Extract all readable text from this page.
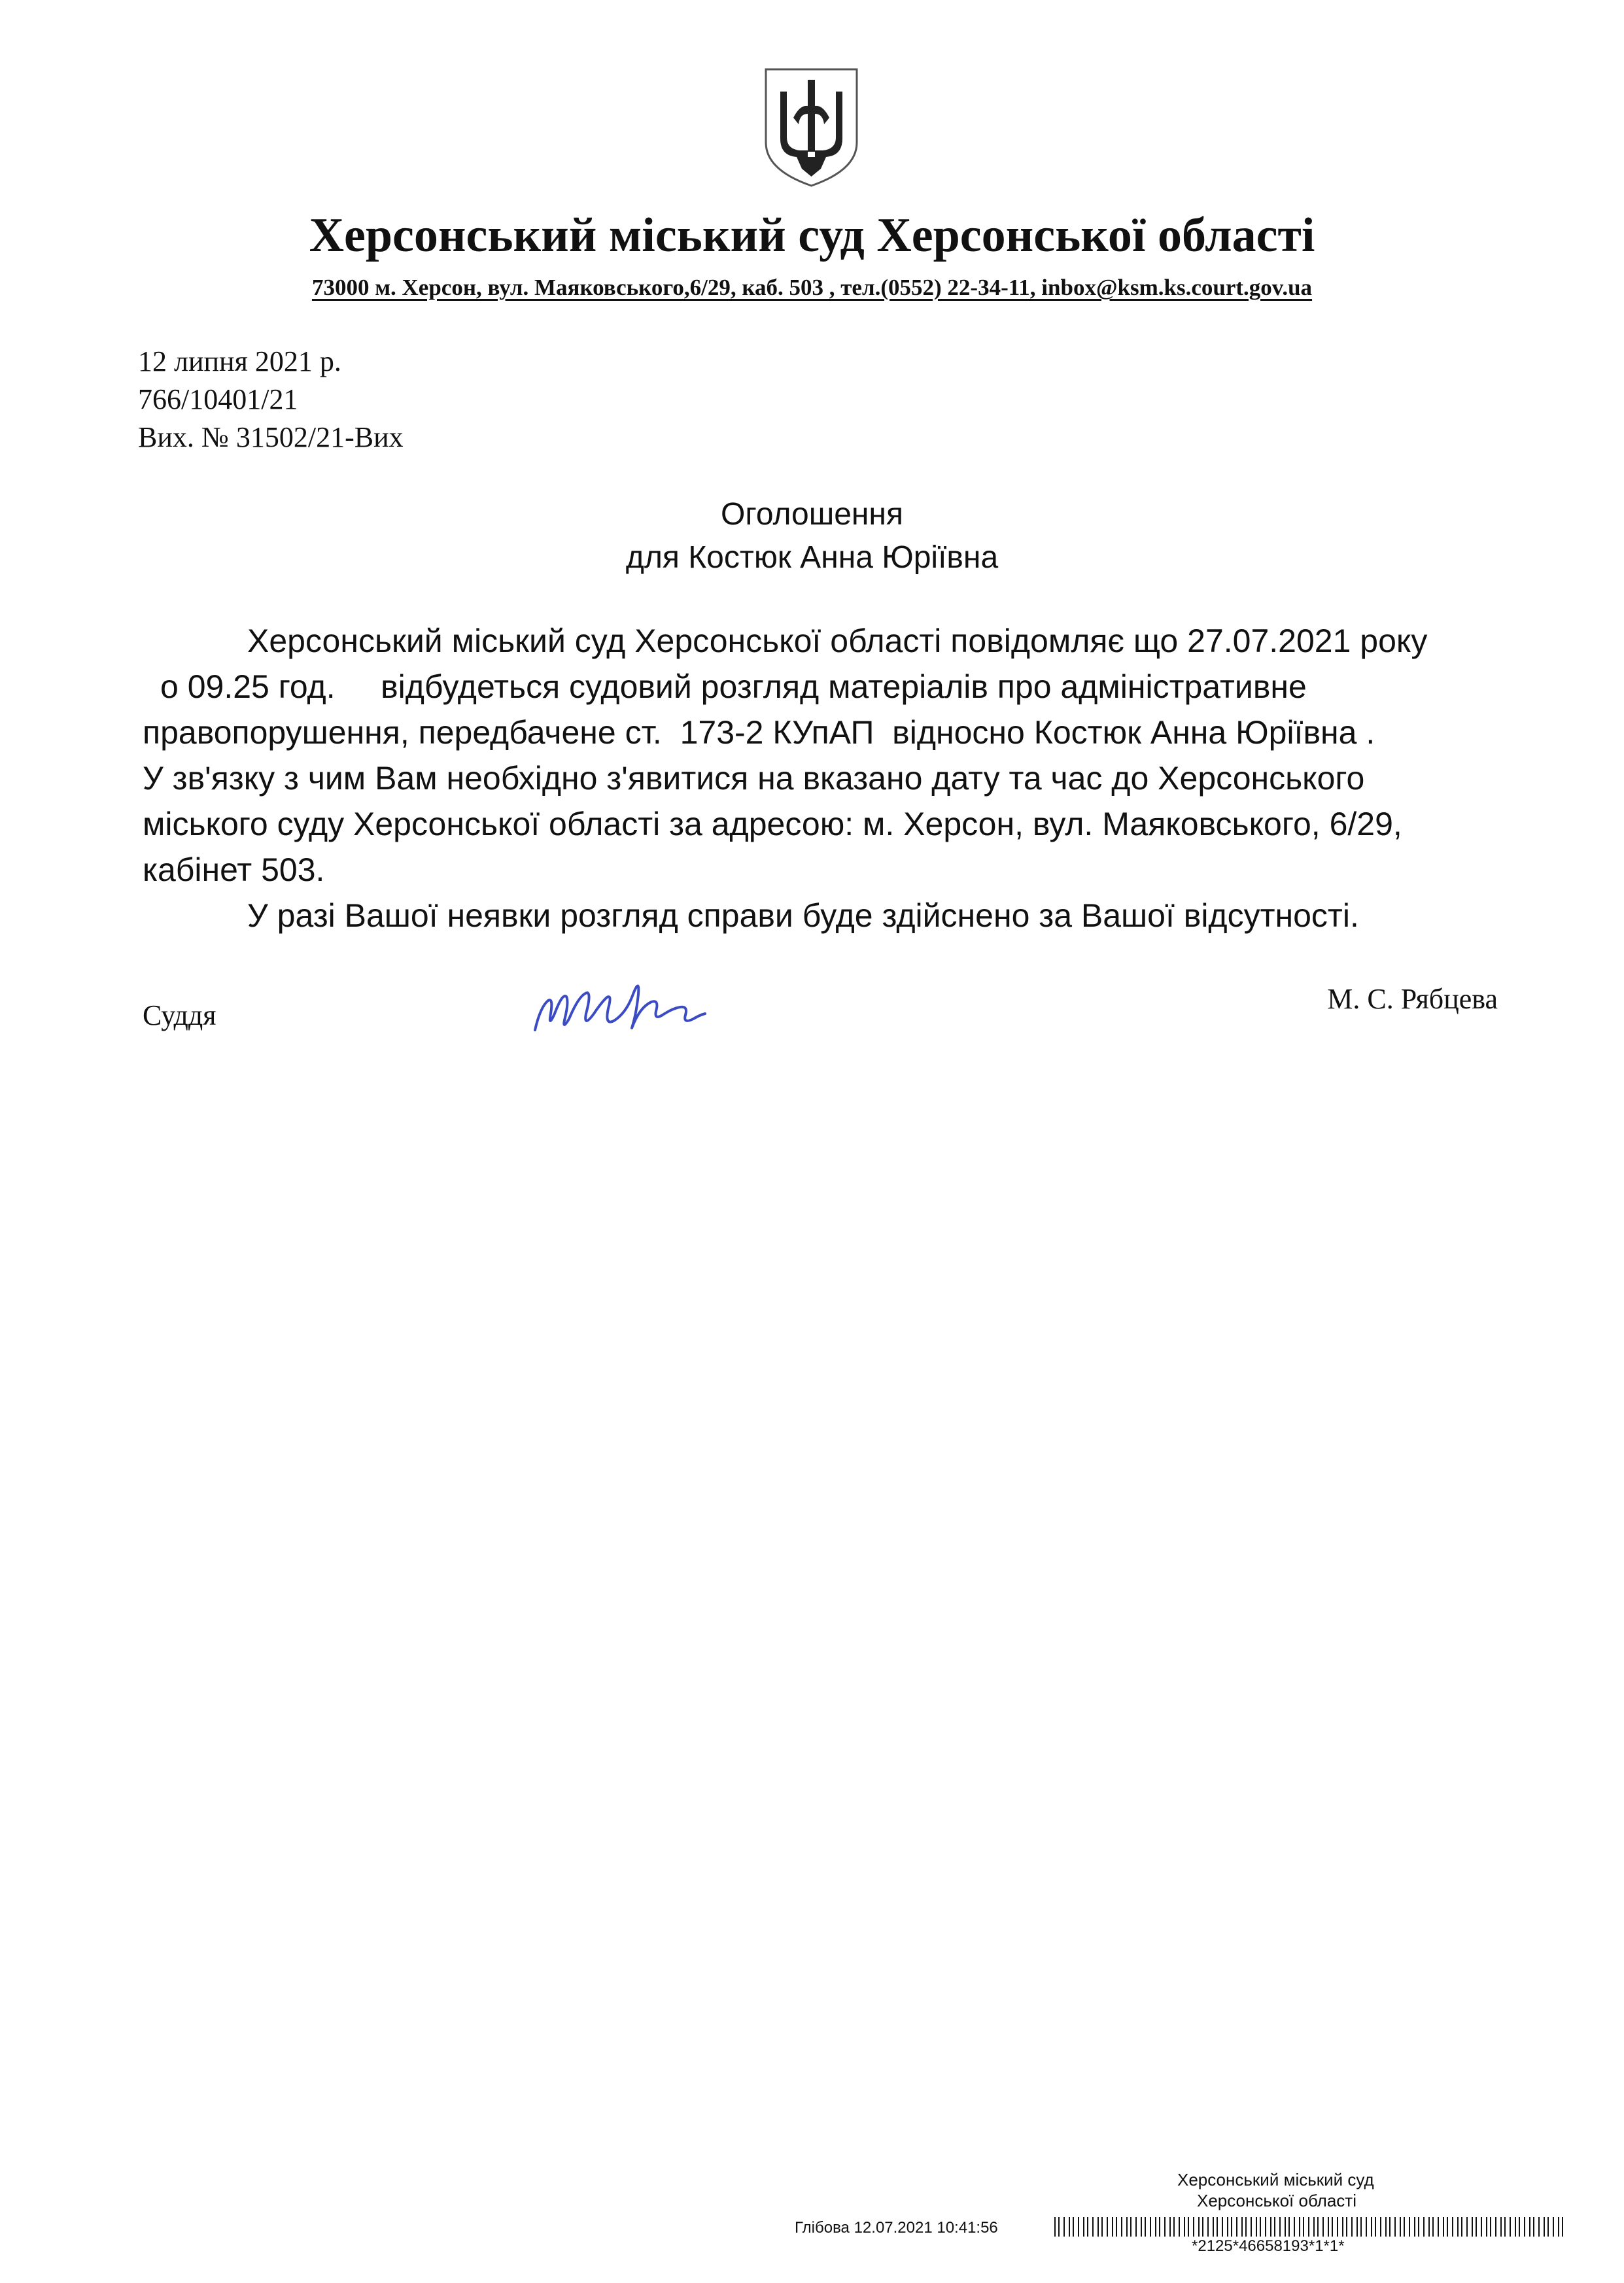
Херсонський міський суд Херсонської області
73000 м. Херсон, вул. Маяковського,6/29, каб. 503 , тел.(0552) 22-34-11, inbox@ksm.ks.court.gov.ua
12 липня 2021 р.
766/10401/21
Вих. № 31502/21-Вих
Оголошення
для Костюк Анна Юріївна
Херсонський міський суд Херсонської області повідомляє що 27.07.2021 року
о 09.25 год.     відбудеться судовий розгляд матеріалів про адміністративне
правопорушення, передбачене ст.  173-2 КУпАП  відносно Костюк Анна Юріївна .
У зв'язку з чим Вам необхідно з'явитися на вказано дату та час до Херсонського
міського суду Херсонської області за адресою: м. Херсон, вул. Маяковського, 6/29,
кабінет 503.
У разі Вашої неявки розгляд справи буде здійснено за Вашої відсутності.
Суддя
М. С. Рябцева
Херсонський міський суд
Херсонської області
Глібова 12.07.2021 10:41:56
*2125*46658193*1*1*
